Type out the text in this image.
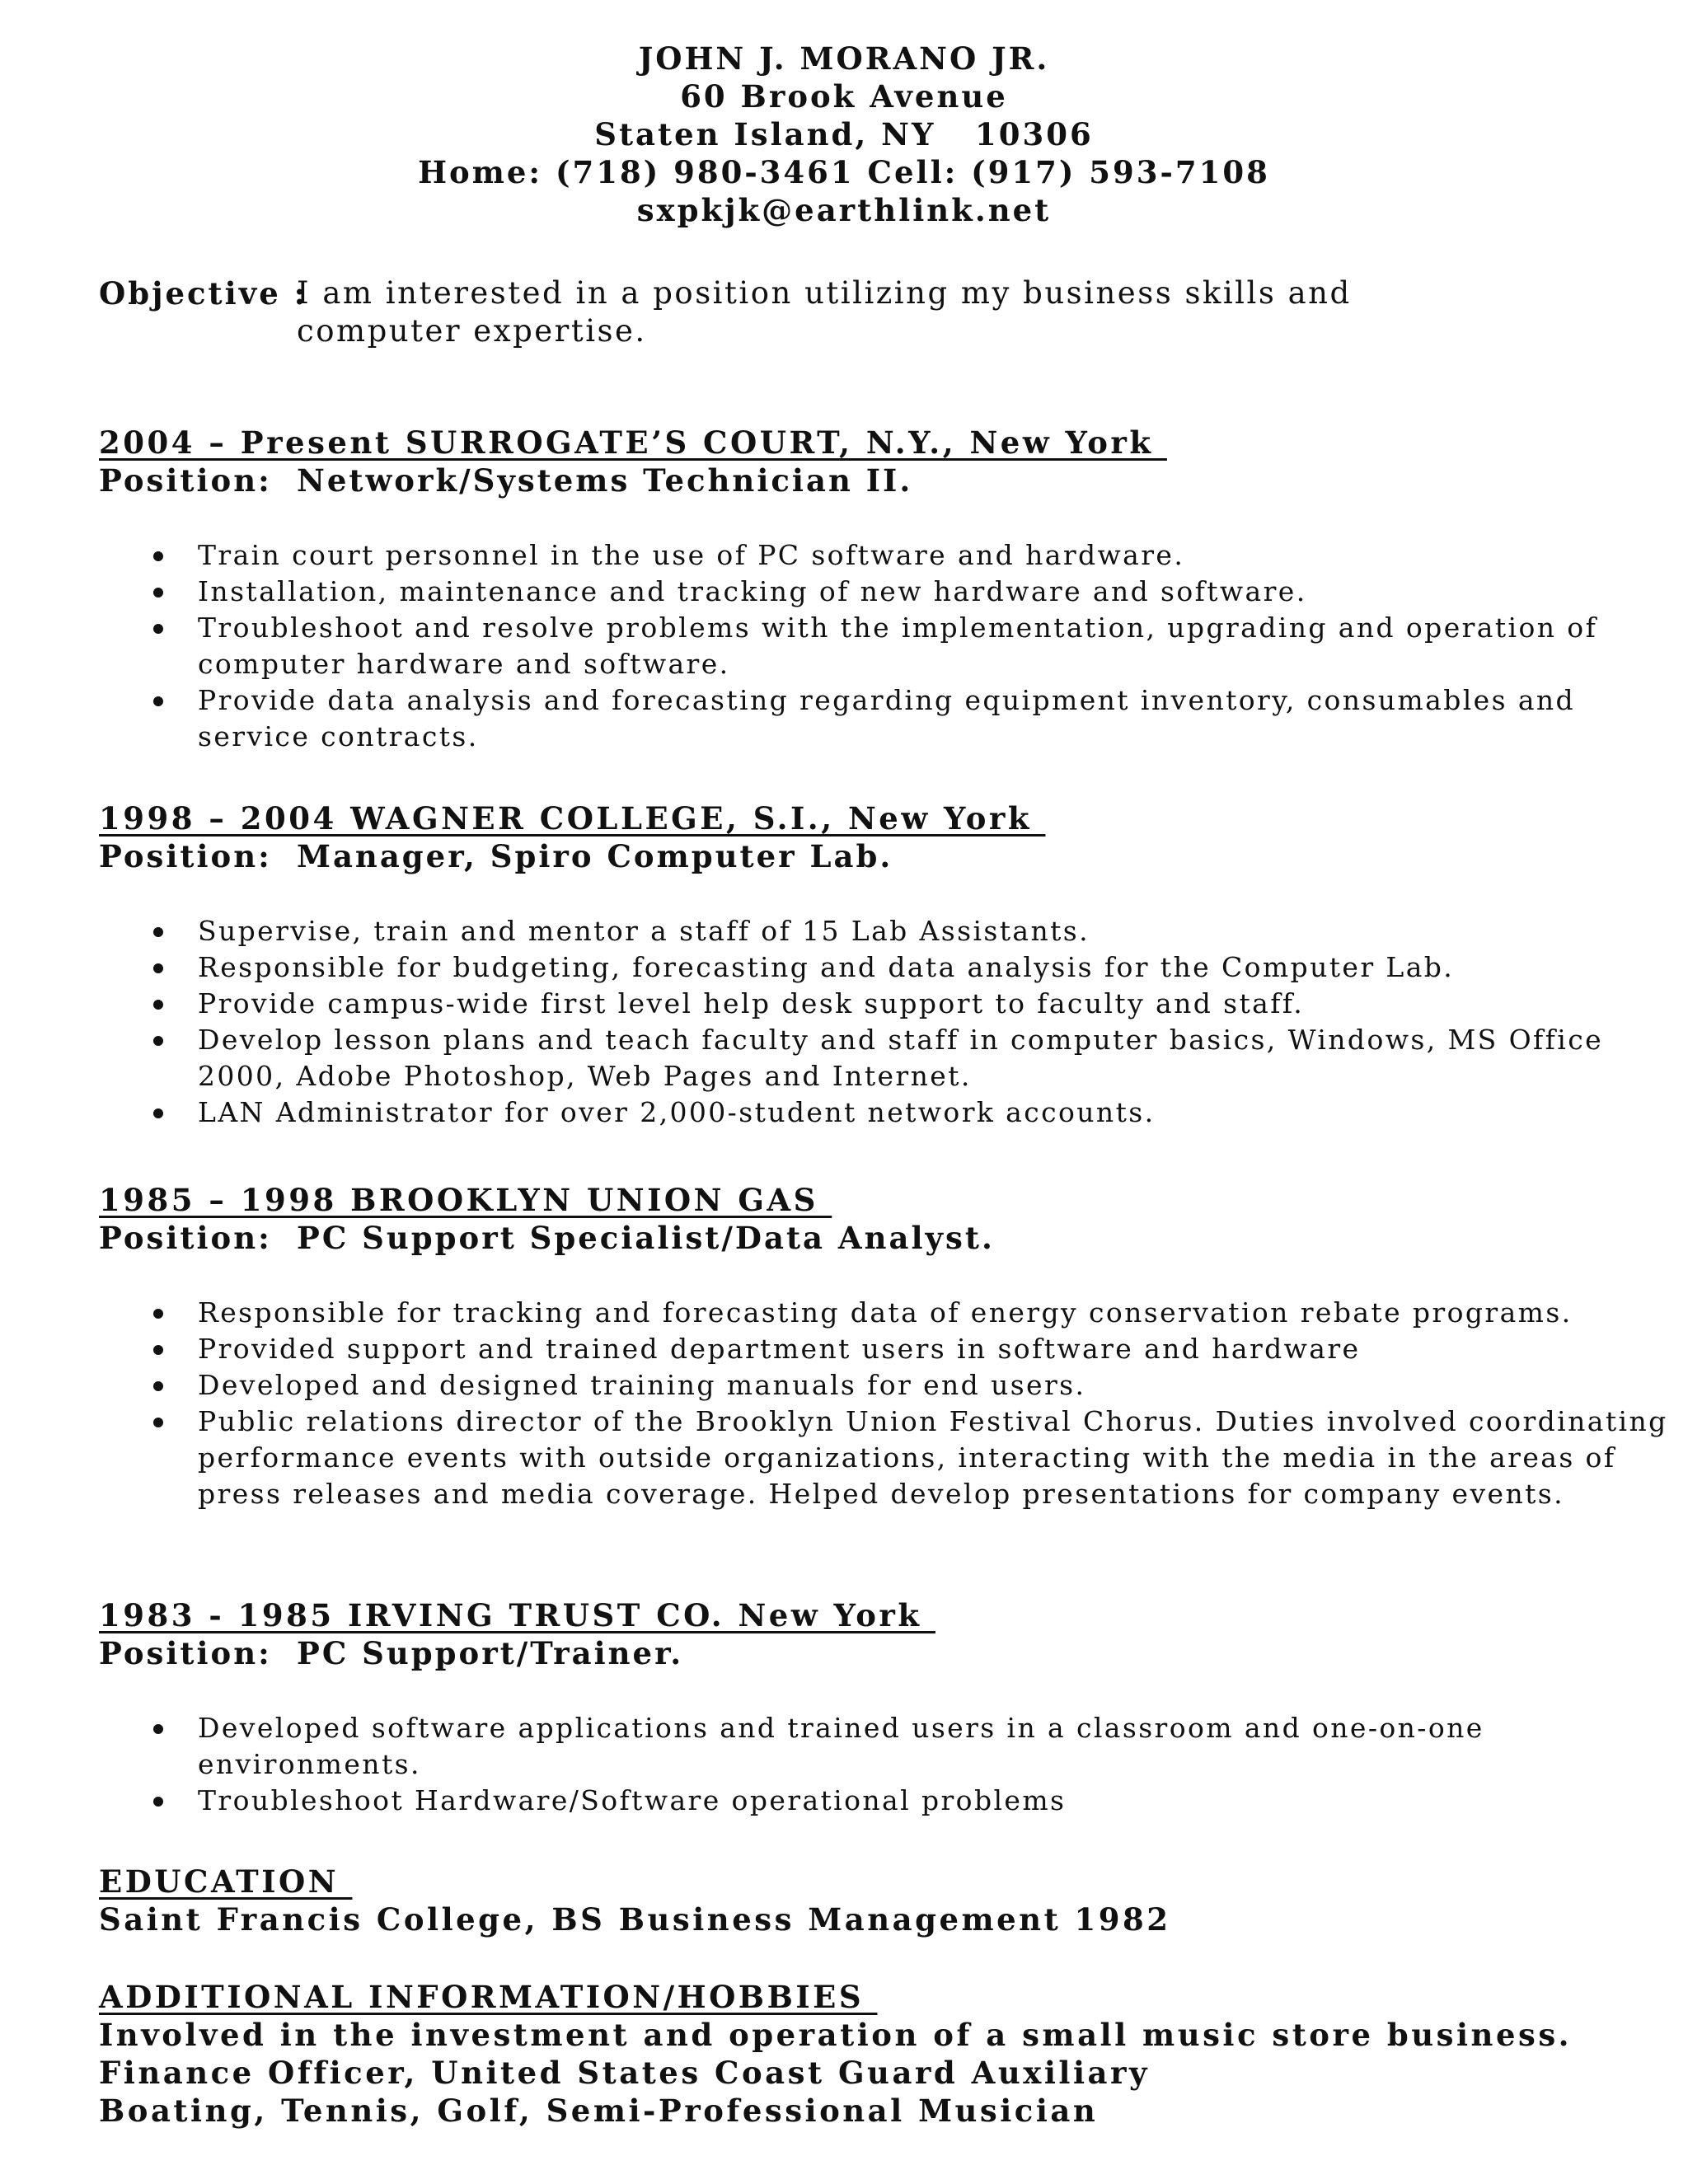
JOHN J. MORANO JR.
60 Brook Avenue
Staten Island, NY   10306
Home: (718) 980-3461 Cell: (917) 593-7108
sxpkjk@earthlink.net
Objective :
I am interested in a position utilizing my business skills and computer expertise.
2004 – Present SURROGATE’S COURT, N.Y., New York
Position: Network/Systems Technician II.
Train court personnel in the use of PC software and hardware.
Installation, maintenance and tracking of new hardware and software.
Troubleshoot and resolve problems with the implementation, upgrading and operation of computer hardware and software.
Provide data analysis and forecasting regarding equipment inventory, consumables and service contracts.
1998 – 2004 WAGNER COLLEGE, S.I., New York
Position: Manager, Spiro Computer Lab.
Supervise, train and mentor a staff of 15 Lab Assistants.
Responsible for budgeting, forecasting and data analysis for the Computer Lab.
Provide campus-wide first level help desk support to faculty and staff.
Develop lesson plans and teach faculty and staff in computer basics, Windows, MS Office 2000, Adobe Photoshop, Web Pages and Internet.
LAN Administrator for over 2,000-student network accounts.
1985 – 1998 BROOKLYN UNION GAS
Position: PC Support Specialist/Data Analyst.
Responsible for tracking and forecasting data of energy conservation rebate programs.
Provided support and trained department users in software and hardware
Developed and designed training manuals for end users.
Public relations director of the Brooklyn Union Festival Chorus. Duties involved coordinating performance events with outside organizations, interacting with the media in the areas of press releases and media coverage. Helped develop presentations for company events.
1983 - 1985 IRVING TRUST CO. New York
Position: PC Support/Trainer.
Developed software applications and trained users in a classroom and one-on-one environments.
Troubleshoot Hardware/Software operational problems
EDUCATION
Saint Francis College, BS Business Management 1982
ADDITIONAL INFORMATION/HOBBIES
Involved in the investment and operation of a small music store business.
Finance Officer, United States Coast Guard Auxiliary
Boating, Tennis, Golf, Semi-Professional Musician
